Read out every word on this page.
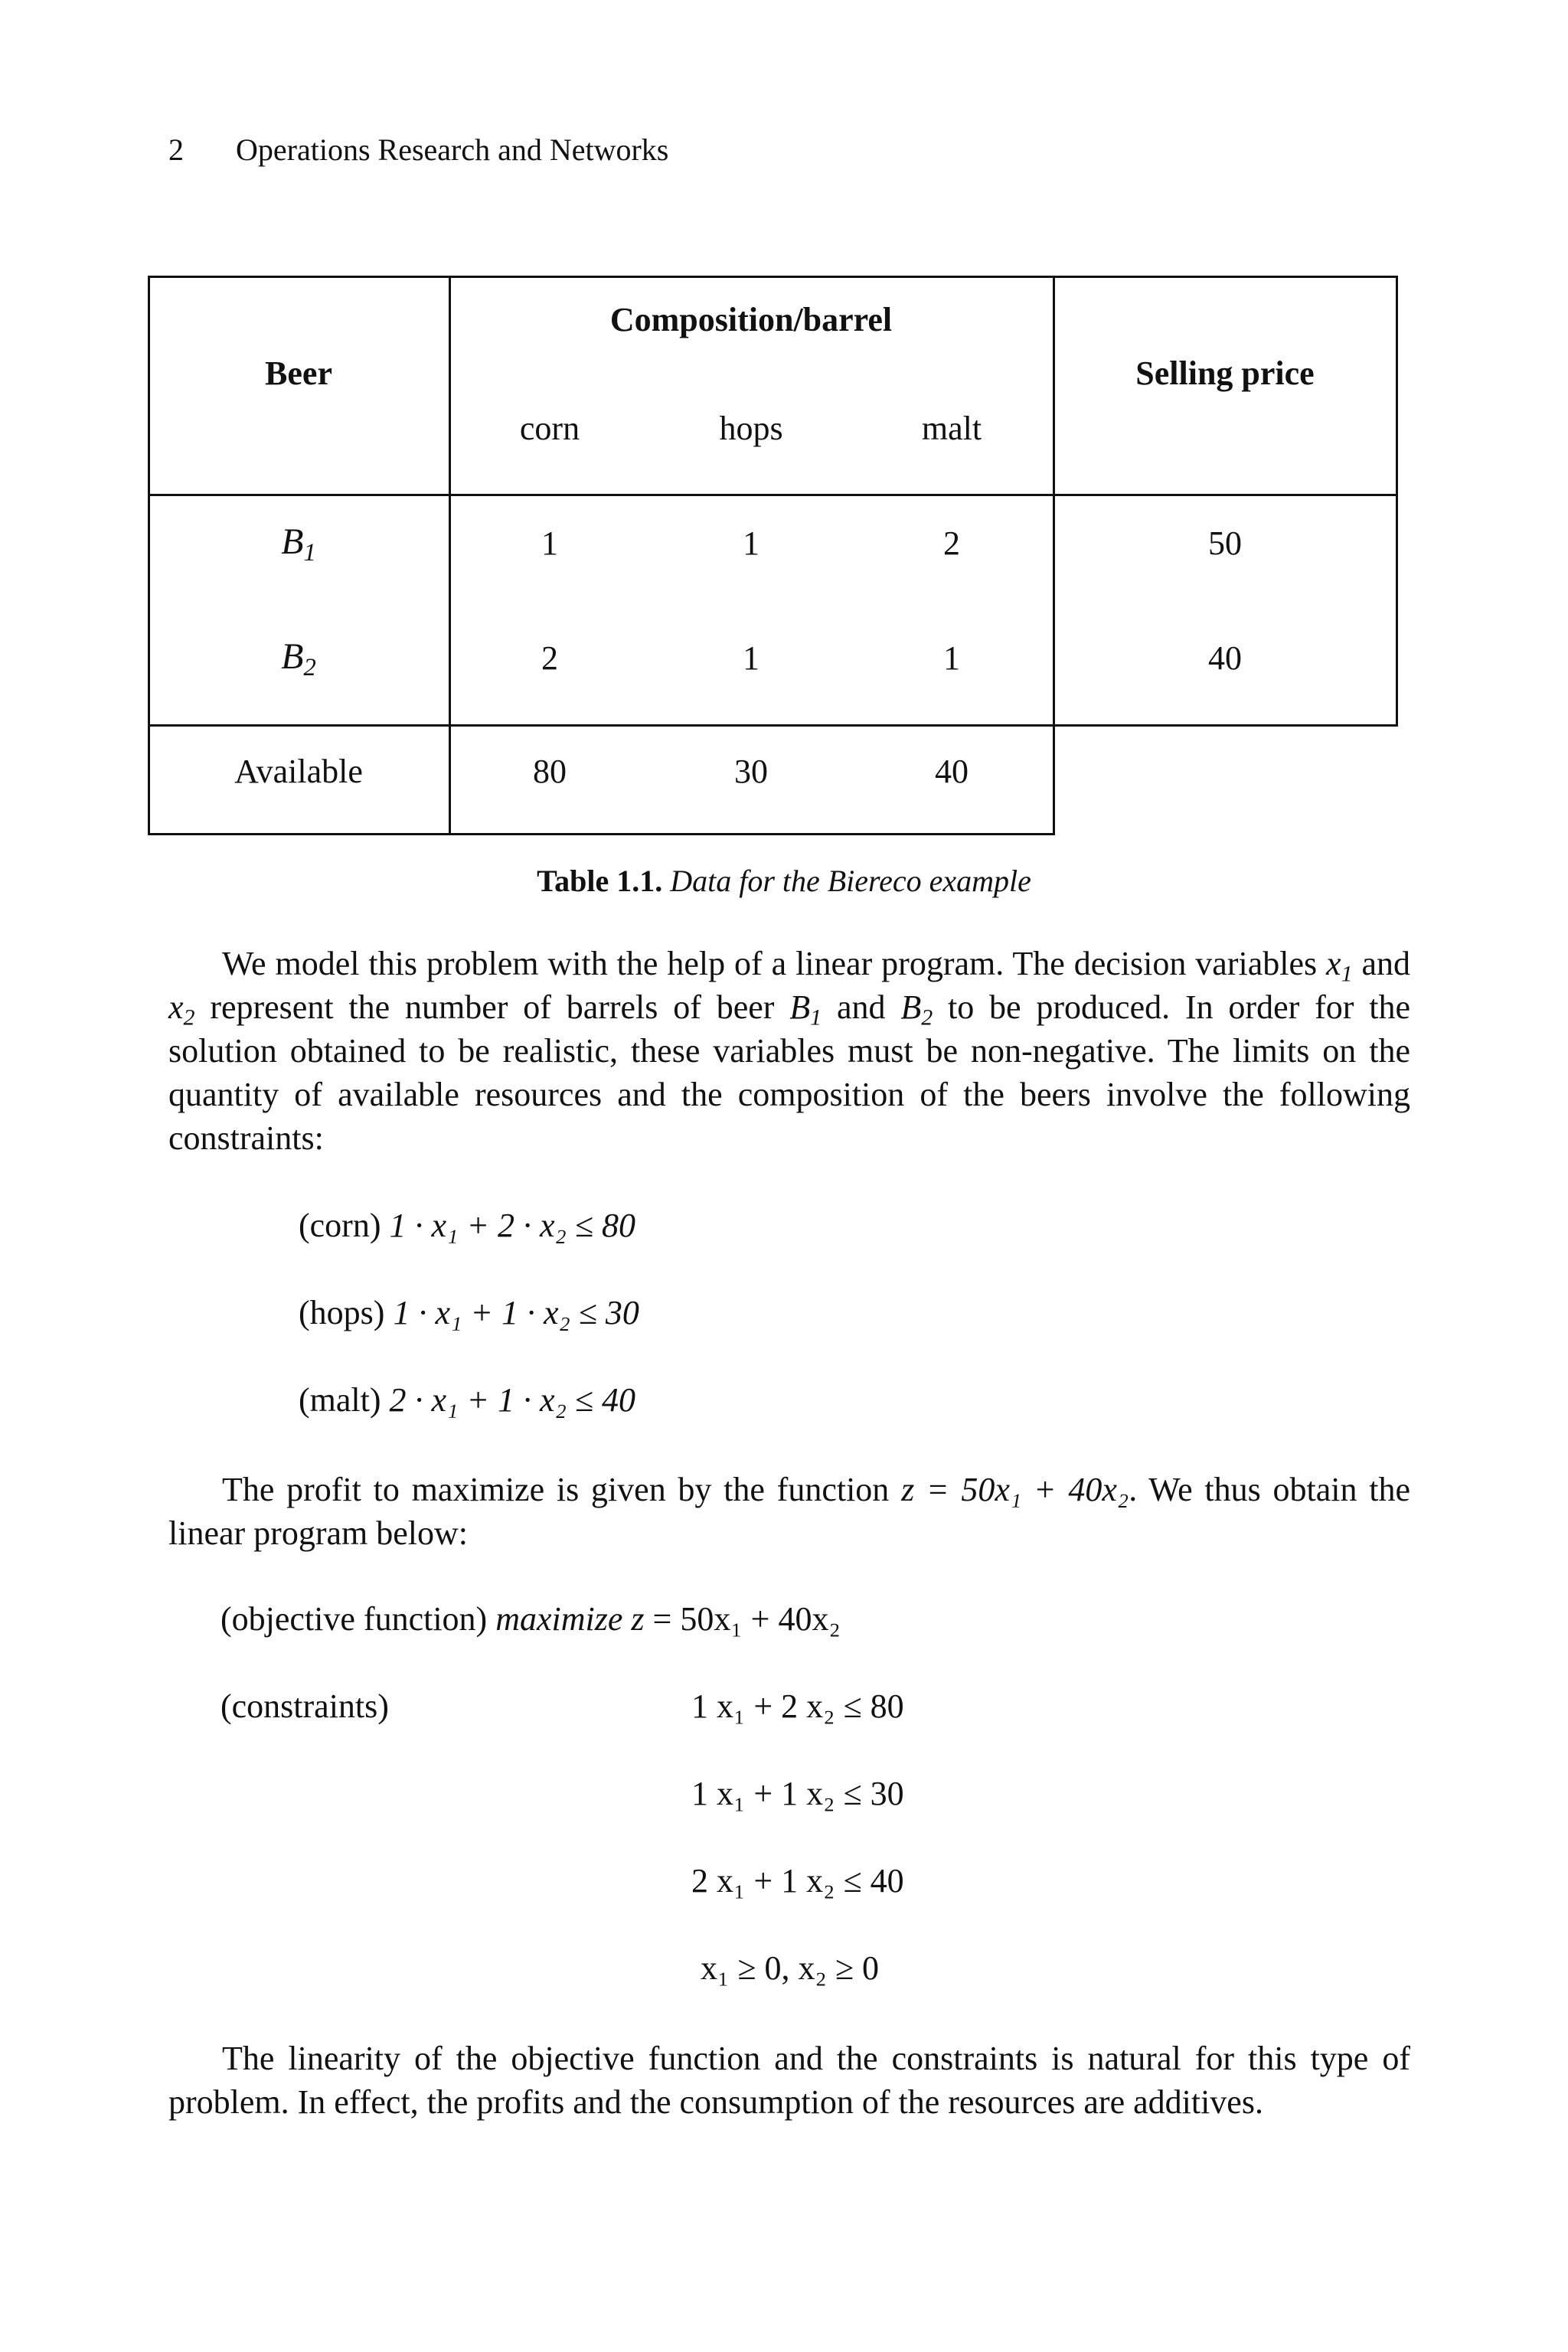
2 Operations Research and Networks
Beer
Composition/barrel
Selling price
corn	hops	malt
$B_1$	1	1	2	50
$B_2$	2	1	1	40
Available	80	30	40
Table 1.1. Data for the Biereco example

We model this problem with the help of a linear program. The decision variables $x_1$ and $x_2$ represent the number of barrels of beer $B_1$ and $B_2$ to be produced. In order for the solution obtained to be realistic, these variables must be non-negative. The limits on the quantity of available resources and the composition of the beers involve the following constraints:

(corn) 1 · x₁ + 2 · x₂ ≤ 80
(hops) 1 · x₁ + 1 · x₂ ≤ 30
(malt) 2 · x₁ + 1 · x₂ ≤ 40

The profit to maximize is given by the function z = 50x₁ + 40x₂. We thus obtain the linear program below:

(objective function) maximize z = 50x₁ + 40x₂
(constraints)	1 x₁ + 2 x₂ ≤ 80
1 x₁ + 1 x₂ ≤ 30
2 x₁ + 1 x₂ ≤ 40
x₁ ≥ 0, x₂ ≥ 0

The linearity of the objective function and the constraints is natural for this type of problem. In effect, the profits and the consumption of the resources are additives.
